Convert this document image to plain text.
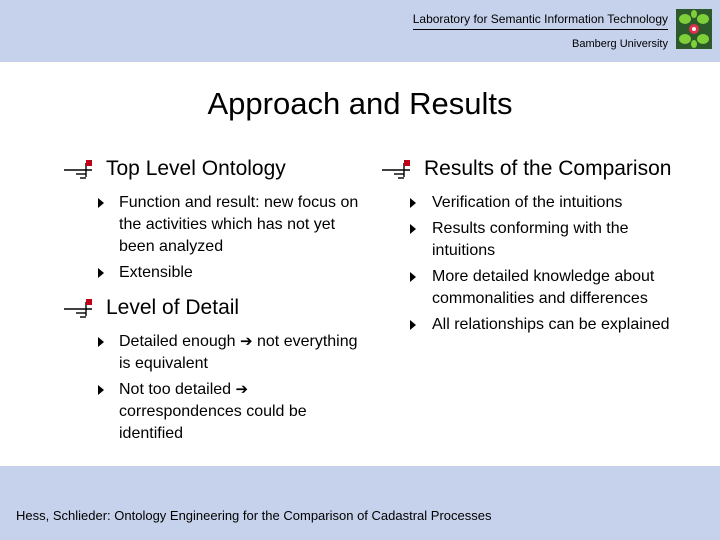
Laboratory for Semantic Information Technology
Bamberg University
Approach and Results
Top Level Ontology
Function and result: new focus on the activities which has not yet been analyzed
Extensible
Level of Detail
Detailed enough ➔ not everything is equivalent
Not too detailed ➔ correspondences could be identified
Results of the Comparison
Verification of the intuitions
Results conforming with the intuitions
More detailed knowledge about commonalities and differences
All relationships can be explained
Hess, Schlieder: Ontology Engineering for the Comparison of Cadastral Processes
